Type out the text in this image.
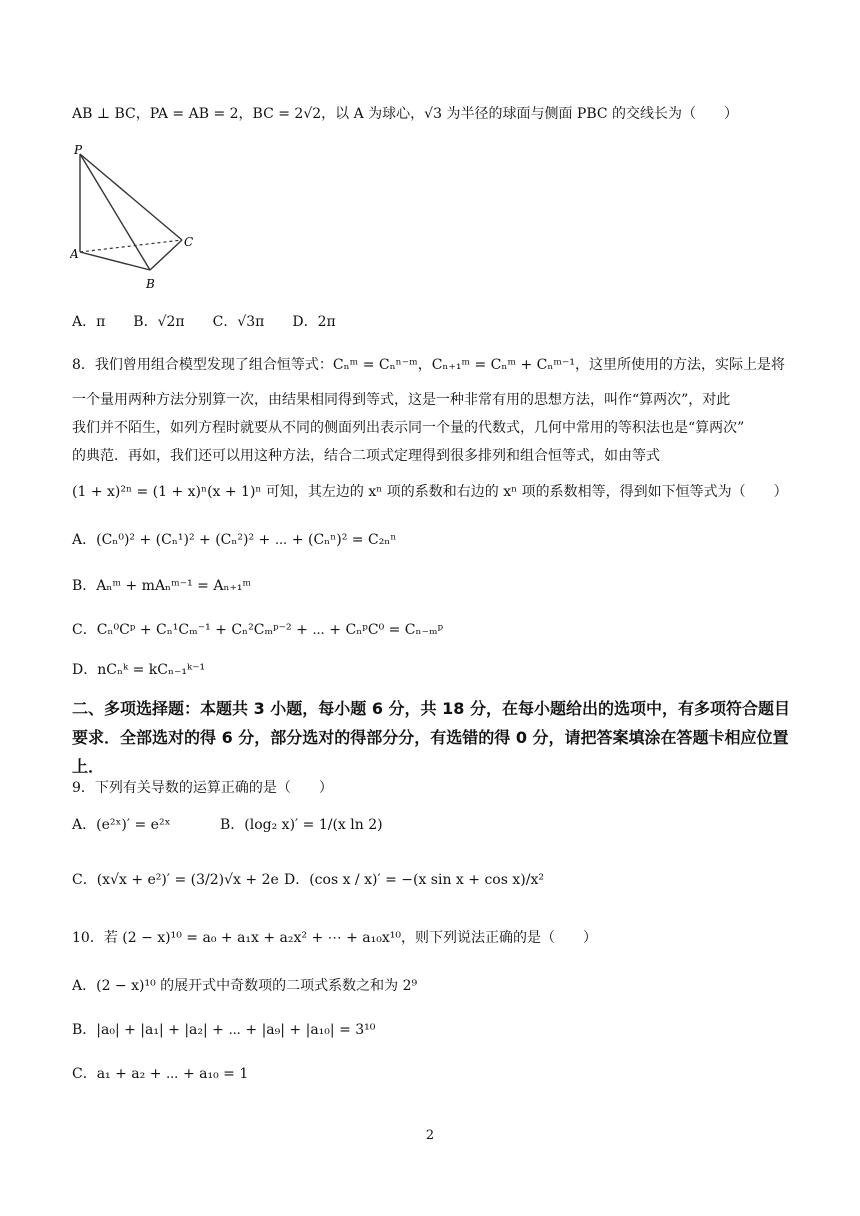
AB ⊥ BC，PA = AB = 2，BC = 2√2，以 A 为球心，√3 为半径的球面与侧面 PBC 的交线长为（　　）
P
A
B
C
A．π　　B．√2π　　C．√3π　　D．2π
8．我们曾用组合模型发现了组合恒等式：Cₙᵐ = Cₙⁿ⁻ᵐ，Cₙ₊₁ᵐ = Cₙᵐ + Cₙᵐ⁻¹，这里所使用的方法，实际上是将
一个量用两种方法分别算一次，由结果相同得到等式，这是一种非常有用的思想方法，叫作“算两次”，对此
我们并不陌生，如列方程时就要从不同的侧面列出表示同一个量的代数式，几何中常用的等积法也是“算两次”
的典范．再如，我们还可以用这种方法，结合二项式定理得到很多排列和组合恒等式，如由等式
(1 + x)²ⁿ = (1 + x)ⁿ(x + 1)ⁿ 可知，其左边的 xⁿ 项的系数和右边的 xⁿ 项的系数相等，得到如下恒等式为（　　）
A．(Cₙ⁰)² + (Cₙ¹)² + (Cₙ²)² + ⋯ + (Cₙⁿ)² = C₂ₙⁿ
B．Aₙᵐ + mAₙᵐ⁻¹ = Aₙ₊₁ᵐ
C．Cₙ⁰Cᵖ + Cₙ¹Cₘ⁻¹ + Cₙ²Cₘᵖ⁻² + ⋯ + CₙᵖC⁰ = Cₙ₋ₘᵖ
D．nCₙᵏ = kCₙ₋₁ᵏ⁻¹
二、多项选择题：本题共 3 小题，每小题 6 分，共 18 分，在每小题给出的选项中，有多项符合题目要求．全部选对的得 6 分，部分选对的得部分分，有选错的得 0 分，请把答案填涂在答题卡相应位置上．
9．下列有关导数的运算正确的是（　　）
A．(e²ˣ)′ = e²ˣ	B．(log₂ x)′ = 1/(x ln 2)
C．(x√x + e²)′ = (3/2)√x + 2e D．(cos x / x)′ = −(x sin x + cos x)/x²
10．若 (2 − x)¹⁰ = a₀ + a₁x + a₂x² + ⋯ + a₁₀x¹⁰，则下列说法正确的是（　　）
A．(2 − x)¹⁰ 的展开式中奇数项的二项式系数之和为 2⁹
B．|a₀| + |a₁| + |a₂| + ⋯ + |a₉| + |a₁₀| = 3¹⁰
C．a₁ + a₂ + ⋯ + a₁₀ = 1
2
